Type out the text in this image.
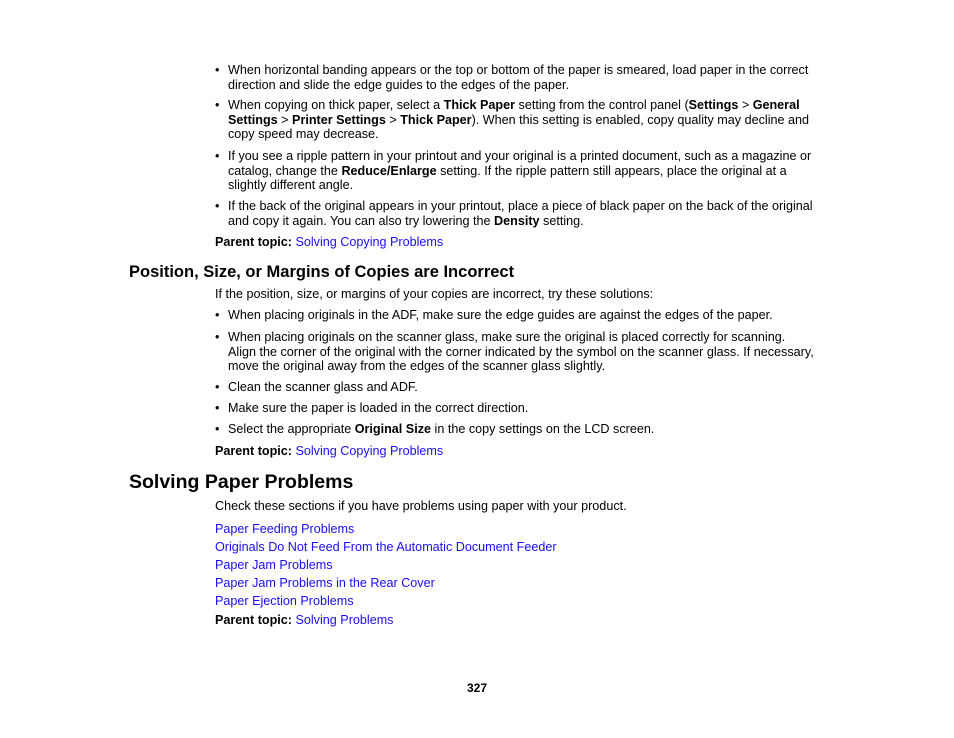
• When horizontal banding appears or the top or bottom of the paper is smeared, load paper in the correct direction and slide the edge guides to the edges of the paper.
• When copying on thick paper, select a Thick Paper setting from the control panel (Settings > General Settings > Printer Settings > Thick Paper). When this setting is enabled, copy quality may decline and copy speed may decrease.
• If you see a ripple pattern in your printout and your original is a printed document, such as a magazine or catalog, change the Reduce/Enlarge setting. If the ripple pattern still appears, place the original at a slightly different angle.
• If the back of the original appears in your printout, place a piece of black paper on the back of the original and copy it again. You can also try lowering the Density setting.
Parent topic: Solving Copying Problems
Position, Size, or Margins of Copies are Incorrect
If the position, size, or margins of your copies are incorrect, try these solutions:
• When placing originals in the ADF, make sure the edge guides are against the edges of the paper.
• When placing originals on the scanner glass, make sure the original is placed correctly for scanning. Align the corner of the original with the corner indicated by the symbol on the scanner glass. If necessary, move the original away from the edges of the scanner glass slightly.
• Clean the scanner glass and ADF.
• Make sure the paper is loaded in the correct direction.
• Select the appropriate Original Size in the copy settings on the LCD screen.
Parent topic: Solving Copying Problems
Solving Paper Problems
Check these sections if you have problems using paper with your product.
Paper Feeding Problems
Originals Do Not Feed From the Automatic Document Feeder
Paper Jam Problems
Paper Jam Problems in the Rear Cover
Paper Ejection Problems
Parent topic: Solving Problems
327
